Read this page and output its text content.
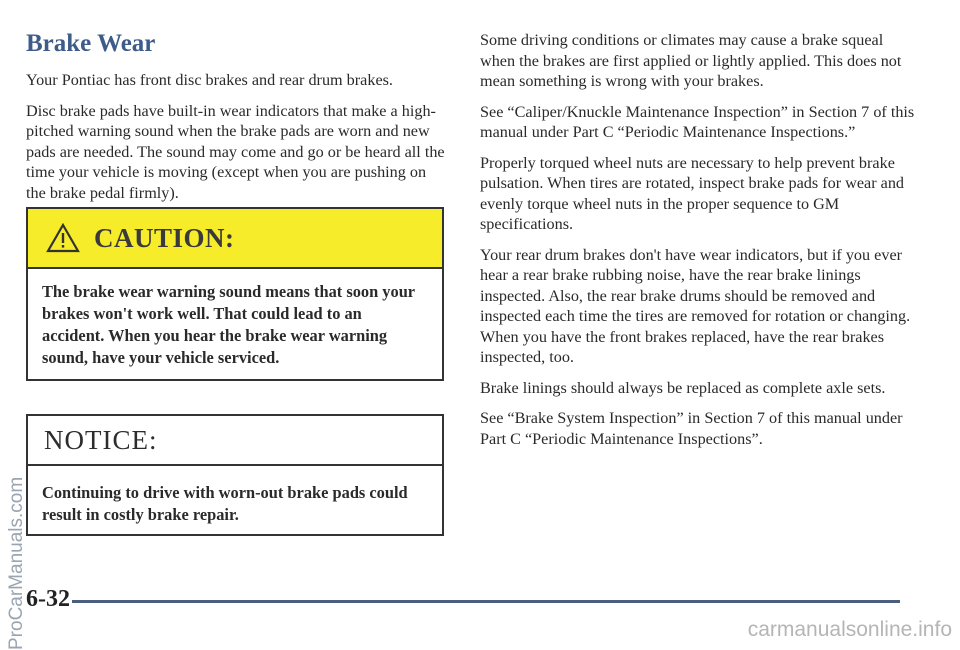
Brake Wear

Your Pontiac has front disc brakes and rear drum brakes.

Disc brake pads have built-in wear indicators that make a high-pitched warning sound when the brake pads are worn and new pads are needed. The sound may come and go or be heard all the time your vehicle is moving (except when you are pushing on the brake pedal firmly).

CAUTION:
The brake wear warning sound means that soon your brakes won't work well. That could lead to an accident. When you hear the brake wear warning sound, have your vehicle serviced.
NOTICE:
Continuing to drive with worn-out brake pads could result in costly brake repair.

Some driving conditions or climates may cause a brake squeal when the brakes are first applied or lightly applied. This does not mean something is wrong with your brakes.

See “Caliper/Knuckle Maintenance Inspection” in Section 7 of this manual under Part C “Periodic Maintenance Inspections.”

Properly torqued wheel nuts are necessary to help prevent brake pulsation. When tires are rotated, inspect brake pads for wear and evenly torque wheel nuts in the proper sequence to GM specifications.

Your rear drum brakes don't have wear indicators, but if you ever hear a rear brake rubbing noise, have the rear brake linings inspected. Also, the rear brake drums should be removed and inspected each time the tires are removed for rotation or changing. When you have the front brakes replaced, have the rear brakes inspected, too.

Brake linings should always be replaced as complete axle sets.

See “Brake System Inspection” in Section 7 of this manual under Part C “Periodic Maintenance Inspections”.

6-32
ProCarManuals.com	carmanualsonline.info
